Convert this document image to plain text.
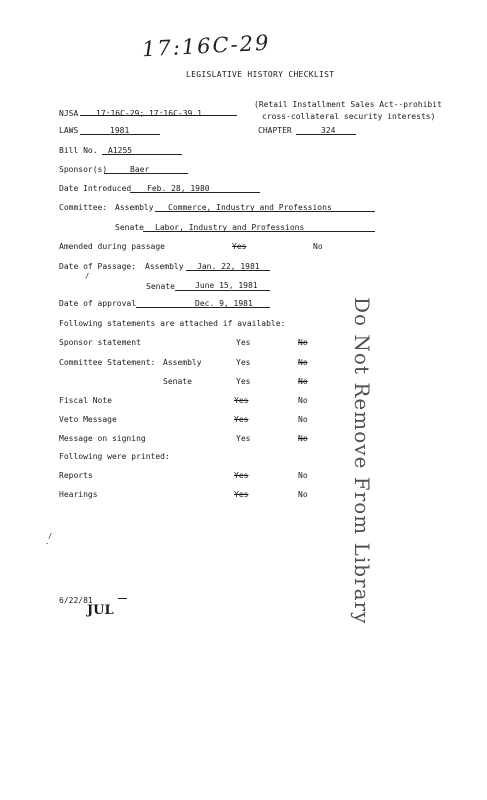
17:16C-29
LEGISLATIVE HISTORY CHECKLIST
NJSA 17:16C-29; 17:16C-39.1
(Retail Installment Sales Act--prohibit
cross-collateral security interests)
LAWS	1981	CHAPTER	324
Bill No. A1255
Sponsor(s)	Baer
Date Introduced Feb. 28, 1980
Committee: Assembly Commerce, Industry and Professions
Senate Labor, Industry and Professions
Amended during passage	Yes	No
Date of Passage: Assembly Jan. 22, 1981
Senate	June 15, 1981
Date of approval	Dec. 9, 1981
Following statements are attached if available:
Sponsor statement	Yes	No
Committee Statement: Assembly	Yes	No
Senate	Yes	No
Fiscal Note	Yes	No
Veto Message	Yes	No
Message on signing	Yes	No
Following were printed:
Reports	Yes	No
Hearings	Yes	No Do Not Remove From Library
/
/
·
6/22/81
JUL
